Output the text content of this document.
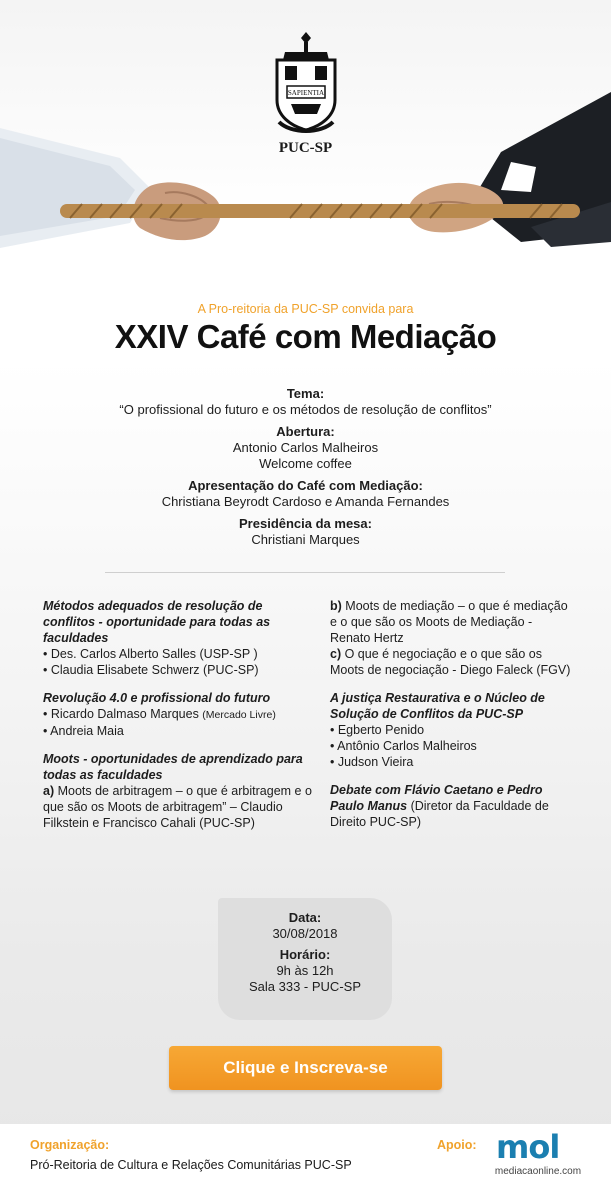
SAPIENTIA
PUC-SP
A Pro-reitoria da PUC-SP convida para
XXIV Café com Mediação
Tema:
“O profissional do futuro e os métodos de resolução de conflitos”
Abertura:
Antonio Carlos Malheiros
Welcome coffee
Apresentação do Café com Mediação:
Christiana Beyrodt Cardoso e Amanda Fernandes
Presidência da mesa:
Christiani Marques
Métodos adequados de resolução de conflitos - oportunidade para todas as faculdades
• Des. Carlos Alberto Salles (USP-SP )
• Claudia Elisabete Schwerz (PUC-SP)
Revolução 4.0 e profissional do futuro
• Ricardo Dalmaso Marques (Mercado Livre)
• Andreia Maia
Moots - oportunidades de aprendizado para todas as faculdades
a) Moots de arbitragem – o que é arbitragem e o que são os Moots de arbitragem” – Claudio Filkstein e Francisco Cahali (PUC-SP)
b) Moots de mediação – o que é mediação e o que são os Moots de Mediação - Renato Hertz
c) O que é negociação e o que são os Moots de negociação - Diego Faleck (FGV)
A justiça Restaurativa e o Núcleo de Solução de Conflitos da PUC-SP
• Egberto Penido
• Antônio Carlos Malheiros
• Judson Vieira
Debate com Flávio Caetano e Pedro Paulo Manus (Diretor da Faculdade de Direito PUC-SP)
Data:
30/08/2018
Horário:
9h às 12h
Sala 333 - PUC-SP
Clique e Inscreva-se
Organização:
Pró-Reitoria de Cultura e Relações Comunitárias PUC-SP
Apoio: mol
mediacaonline.com
